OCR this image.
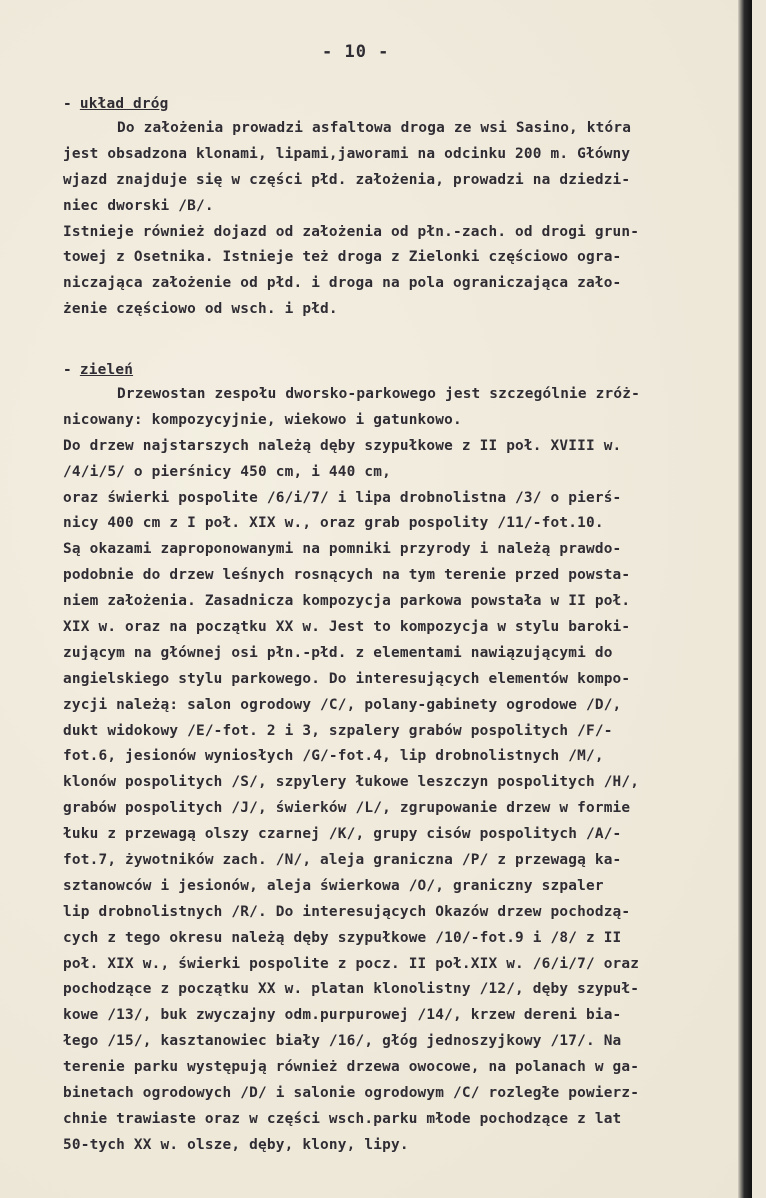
- 10 -
- układ dróg
Do założenia prowadzi asfaltowa droga ze wsi Sasino, która
jest obsadzona klonami, lipami,jaworami na odcinku 200 m. Główny
wjazd znajduje się w części płd. założenia, prowadzi na dziedzi-
niec dworski /B/.
Istnieje również dojazd od założenia od płn.-zach. od drogi grun-
towej z Osetnika. Istnieje też droga z Zielonki częściowo ogra-
niczająca założenie od płd. i droga na pola ograniczająca zało-
żenie częściowo od wsch. i płd.
- zieleń
Drzewostan zespołu dworsko-parkowego jest szczególnie zróż-
nicowany: kompozycyjnie, wiekowo i gatunkowo.
Do drzew najstarszych należą dęby szypułkowe z II poł. XVIII w.
/4/i/5/ o pierśnicy 450 cm, i 440 cm,
oraz świerki pospolite /6/i/7/ i lipa drobnolistna /3/ o pierś-
nicy 400 cm z I poł. XIX w., oraz grab pospolity /11/-fot.10.
Są okazami zaproponowanymi na pomniki przyrody i należą prawdo-
podobnie do drzew leśnych rosnących na tym terenie przed powsta-
niem założenia. Zasadnicza kompozycja parkowa powstała w II poł.
XIX w. oraz na początku XX w. Jest to kompozycja w stylu baroki-
zującym na głównej osi płn.-płd. z elementami nawiązującymi do
angielskiego stylu parkowego. Do interesujących elementów kompo-
zycji należą: salon ogrodowy /C/, polany-gabinety ogrodowe /D/,
dukt widokowy /E/-fot. 2 i 3, szpalery grabów pospolitych /F/-
fot.6, jesionów wyniosłych /G/-fot.4, lip drobnolistnych /M/,
klonów pospolitych /S/, szpylery łukowe leszczyn pospolitych /H/,
grabów pospolitych /J/, świerków /L/, zgrupowanie drzew w formie
łuku z przewagą olszy czarnej /K/, grupy cisów pospolitych /A/-
fot.7, żywotników zach. /N/, aleja graniczna /P/ z przewagą ka-
sztanowców i jesionów, aleja świerkowa /O/, graniczny szpaler
lip drobnolistnych /R/. Do interesujących Okazów drzew pochodzą-
cych z tego okresu należą dęby szypułkowe /10/-fot.9 i /8/ z II
poł. XIX w., świerki pospolite z pocz. II poł.XIX w. /6/i/7/ oraz
pochodzące z początku XX w. platan klonolistny /12/, dęby szypuł-
kowe /13/, buk zwyczajny odm.purpurowej /14/, krzew dereni bia-
łego /15/, kasztanowiec biały /16/, głóg jednoszyjkowy /17/. Na
terenie parku występują również drzewa owocowe, na polanach w ga-
binetach ogrodowych /D/ i salonie ogrodowym /C/ rozległe powierz-
chnie trawiaste oraz w części wsch.parku młode pochodzące z lat
50-tych XX w. olsze, dęby, klony, lipy.
